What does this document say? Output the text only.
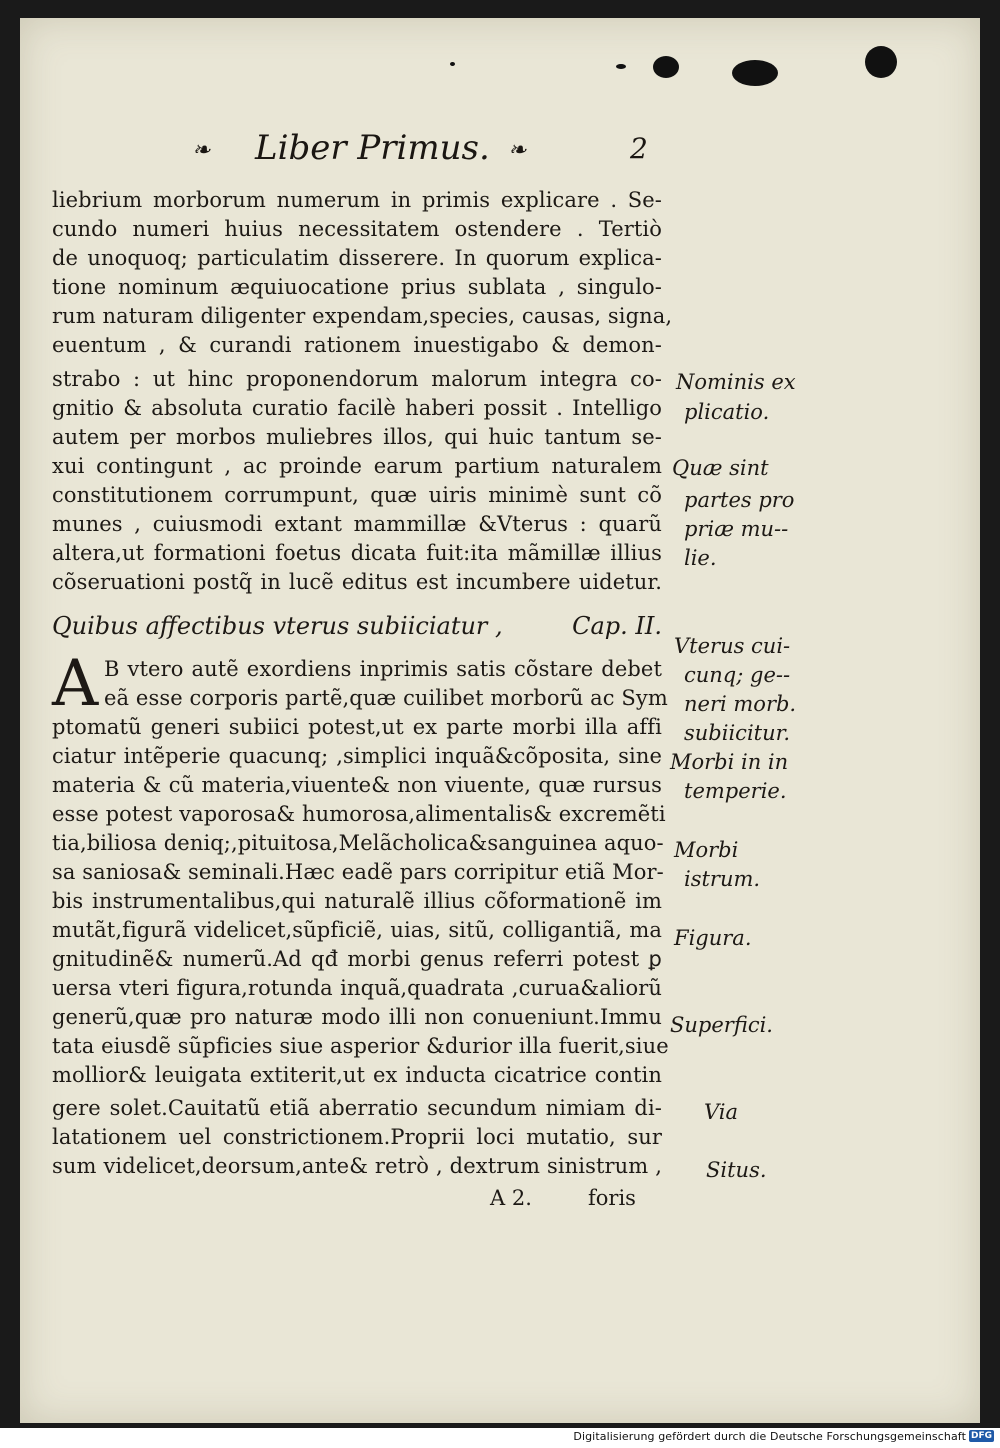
❧	❧
Liber Primus.	2
liebrium morborum numerum in primis explicare . Se-
cundo numeri huius necessitatem ostendere . Tertiò
de unoquoq; particulatim disserere. In quorum explica-
tione nominum æquiuocatione prius sublata , singulo-
rum naturam diligenter expendam,species, causas, signa,
euentum , & curandi rationem inuestigabo & demon-
strabo : ut hinc proponendorum malorum integra co-
gnitio & absoluta curatio facilè haberi possit . Intelligo
autem per morbos muliebres illos, qui huic tantum se-
xui contingunt , ac proinde earum partium naturalem
constitutionem corrumpunt, quæ uiris minimè sunt cõ
munes , cuiusmodi extant mammillæ &Vterus : quarũ
altera,ut formationi foetus dicata fuit:ita mãmillæ illius
cõseruationi postq̃ in lucẽ editus est incumbere uidetur.
Quibus affectibus vterus subiiciatur ,	Cap. II.
A B vtero autẽ exordiens inprimis satis cõstare debet
eã esse corporis partẽ,quæ cuilibet morborũ ac Sym
ptomatũ generi subiici potest,ut ex parte morbi illa affi
ciatur intẽperie quacunq; ,simplici inquã&cõposita, sine
materia & cũ materia,viuente& non viuente, quæ rursus
esse potest vaporosa& humorosa,alimentalis& excremẽti
tia,biliosa deniq;,pituitosa,Melãcholica&sanguinea aquo-
sa saniosa& seminali.Hæc eadẽ pars corripitur etiã Mor-
bis instrumentalibus,qui naturalẽ illius cõformationẽ im
mutãt,figurã videlicet,sũpficiẽ, uias, sitũ, colligantiã, ma
gnitudinẽ& numerũ.Ad qđ morbi genus referri potest ꝑ
uersa vteri figura,rotunda inquã,quadrata ,curua&aliorũ
generũ,quæ pro naturæ modo illi non conueniunt.Immu
tata eiusdẽ sũpficies siue asperior &durior illa fuerit,siue
mollior& leuigata extiterit,ut ex inducta cicatrice contin
gere solet.Cauitatũ etiã aberratio secundum nimiam di-
latationem uel constrictionem.Proprii loci mutatio, sur
sum videlicet,deorsum,ante& retrò , dextrum sinistrum ,
A 2.	foris
Nominis ex
plicatio.
Quæ sint
partes pro
priæ mu--
lie.
Vterus cui-
cunq; ge--
neri morb.
subiicitur.
Morbi in in
temperie.
Morbi
istrum.
Figura.
Superfici.
Via
Situs.
Digitalisierung gefördert durch die Deutsche Forschungsgemeinschaft DFG
